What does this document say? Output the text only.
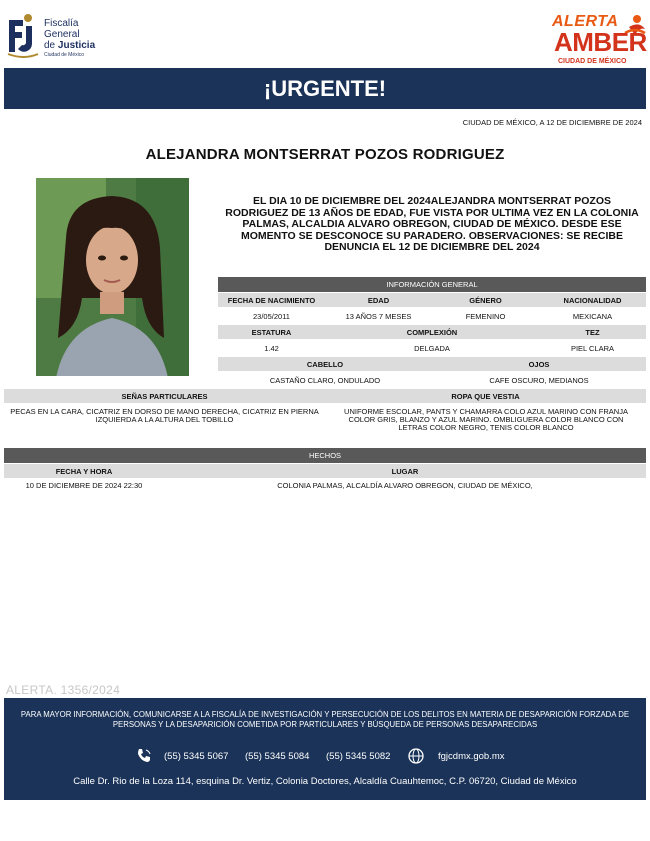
Fiscalía
General
de Justicia
Ciudad de México
ALERTA
AMBER
CIUDAD DE MÉXICO
¡URGENTE!
CIUDAD DE MÉXICO, A 12 DE DICIEMBRE DE 2024
ALEJANDRA MONTSERRAT POZOS RODRIGUEZ
EL DIA 10 DE DICIEMBRE DEL 2024ALEJANDRA MONTSERRAT POZOS RODRIGUEZ DE 13 AÑOS DE EDAD, FUE VISTA POR ULTIMA VEZ EN LA COLONIA PALMAS, ALCALDIA ALVARO OBREGON, CIUDAD DE MÉXICO. DESDE ESE MOMENTO SE DESCONOCE SU PARADERO. OBSERVACIONES: SE RECIBE DENUNCIA EL 12 DE DICIEMBRE DEL 2024
INFORMACIÓN GENERAL
FECHA DE NACIMIENTO	EDAD	GÉNERO	NACIONALIDAD
23/05/2011	13 AÑOS 7 MESES	FEMENINO	MEXICANA
ESTATURA	COMPLEXIÓN	TEZ
1.42	DELGADA	PIEL CLARA
CABELLO	OJOS
CASTAÑO CLARO, ONDULADO	CAFE OSCURO, MEDIANOS
SEÑAS PARTICULARES	ROPA QUE VESTIA
PECAS EN LA CARA, CICATRIZ EN DORSO DE MANO DERECHA, CICATRIZ EN PIERNA IZQUIERDA A LA ALTURA DEL TOBILLO
UNIFORME ESCOLAR, PANTS Y CHAMARRA COLO AZUL MARINO CON FRANJA COLOR GRIS, BLANZO Y AZUL MARINO. OMBLIGUERA COLOR BLANCO CON LETRAS COLOR NEGRO, TENIS COLOR BLANCO
HECHOS
FECHA Y HORA	LUGAR
10 DE DICIEMBRE DE 2024 22:30	COLONIA PALMAS, ALCALDÍA ALVARO OBREGON, CIUDAD DE MÉXICO,
ALERTA. 1356/2024
PARA MAYOR INFORMACIÓN, COMUNICARSE A LA FISCALÍA DE INVESTIGACIÓN Y PERSECUCIÓN DE LOS DELITOS EN MATERIA DE DESAPARICIÓN FORZADA DE PERSONAS Y LA DESAPARICIÓN COMETIDA POR PARTICULARES Y BÚSQUEDA DE PERSONAS DESAPARECIDAS
(55) 5345 5067 (55) 5345 5084 (55) 5345 5082	fgjcdmx.gob.mx
Calle Dr. Rio de la Loza 114, esquina Dr. Vertiz, Colonia Doctores, Alcaldía Cuauhtemoc, C.P. 06720, Ciudad de México
